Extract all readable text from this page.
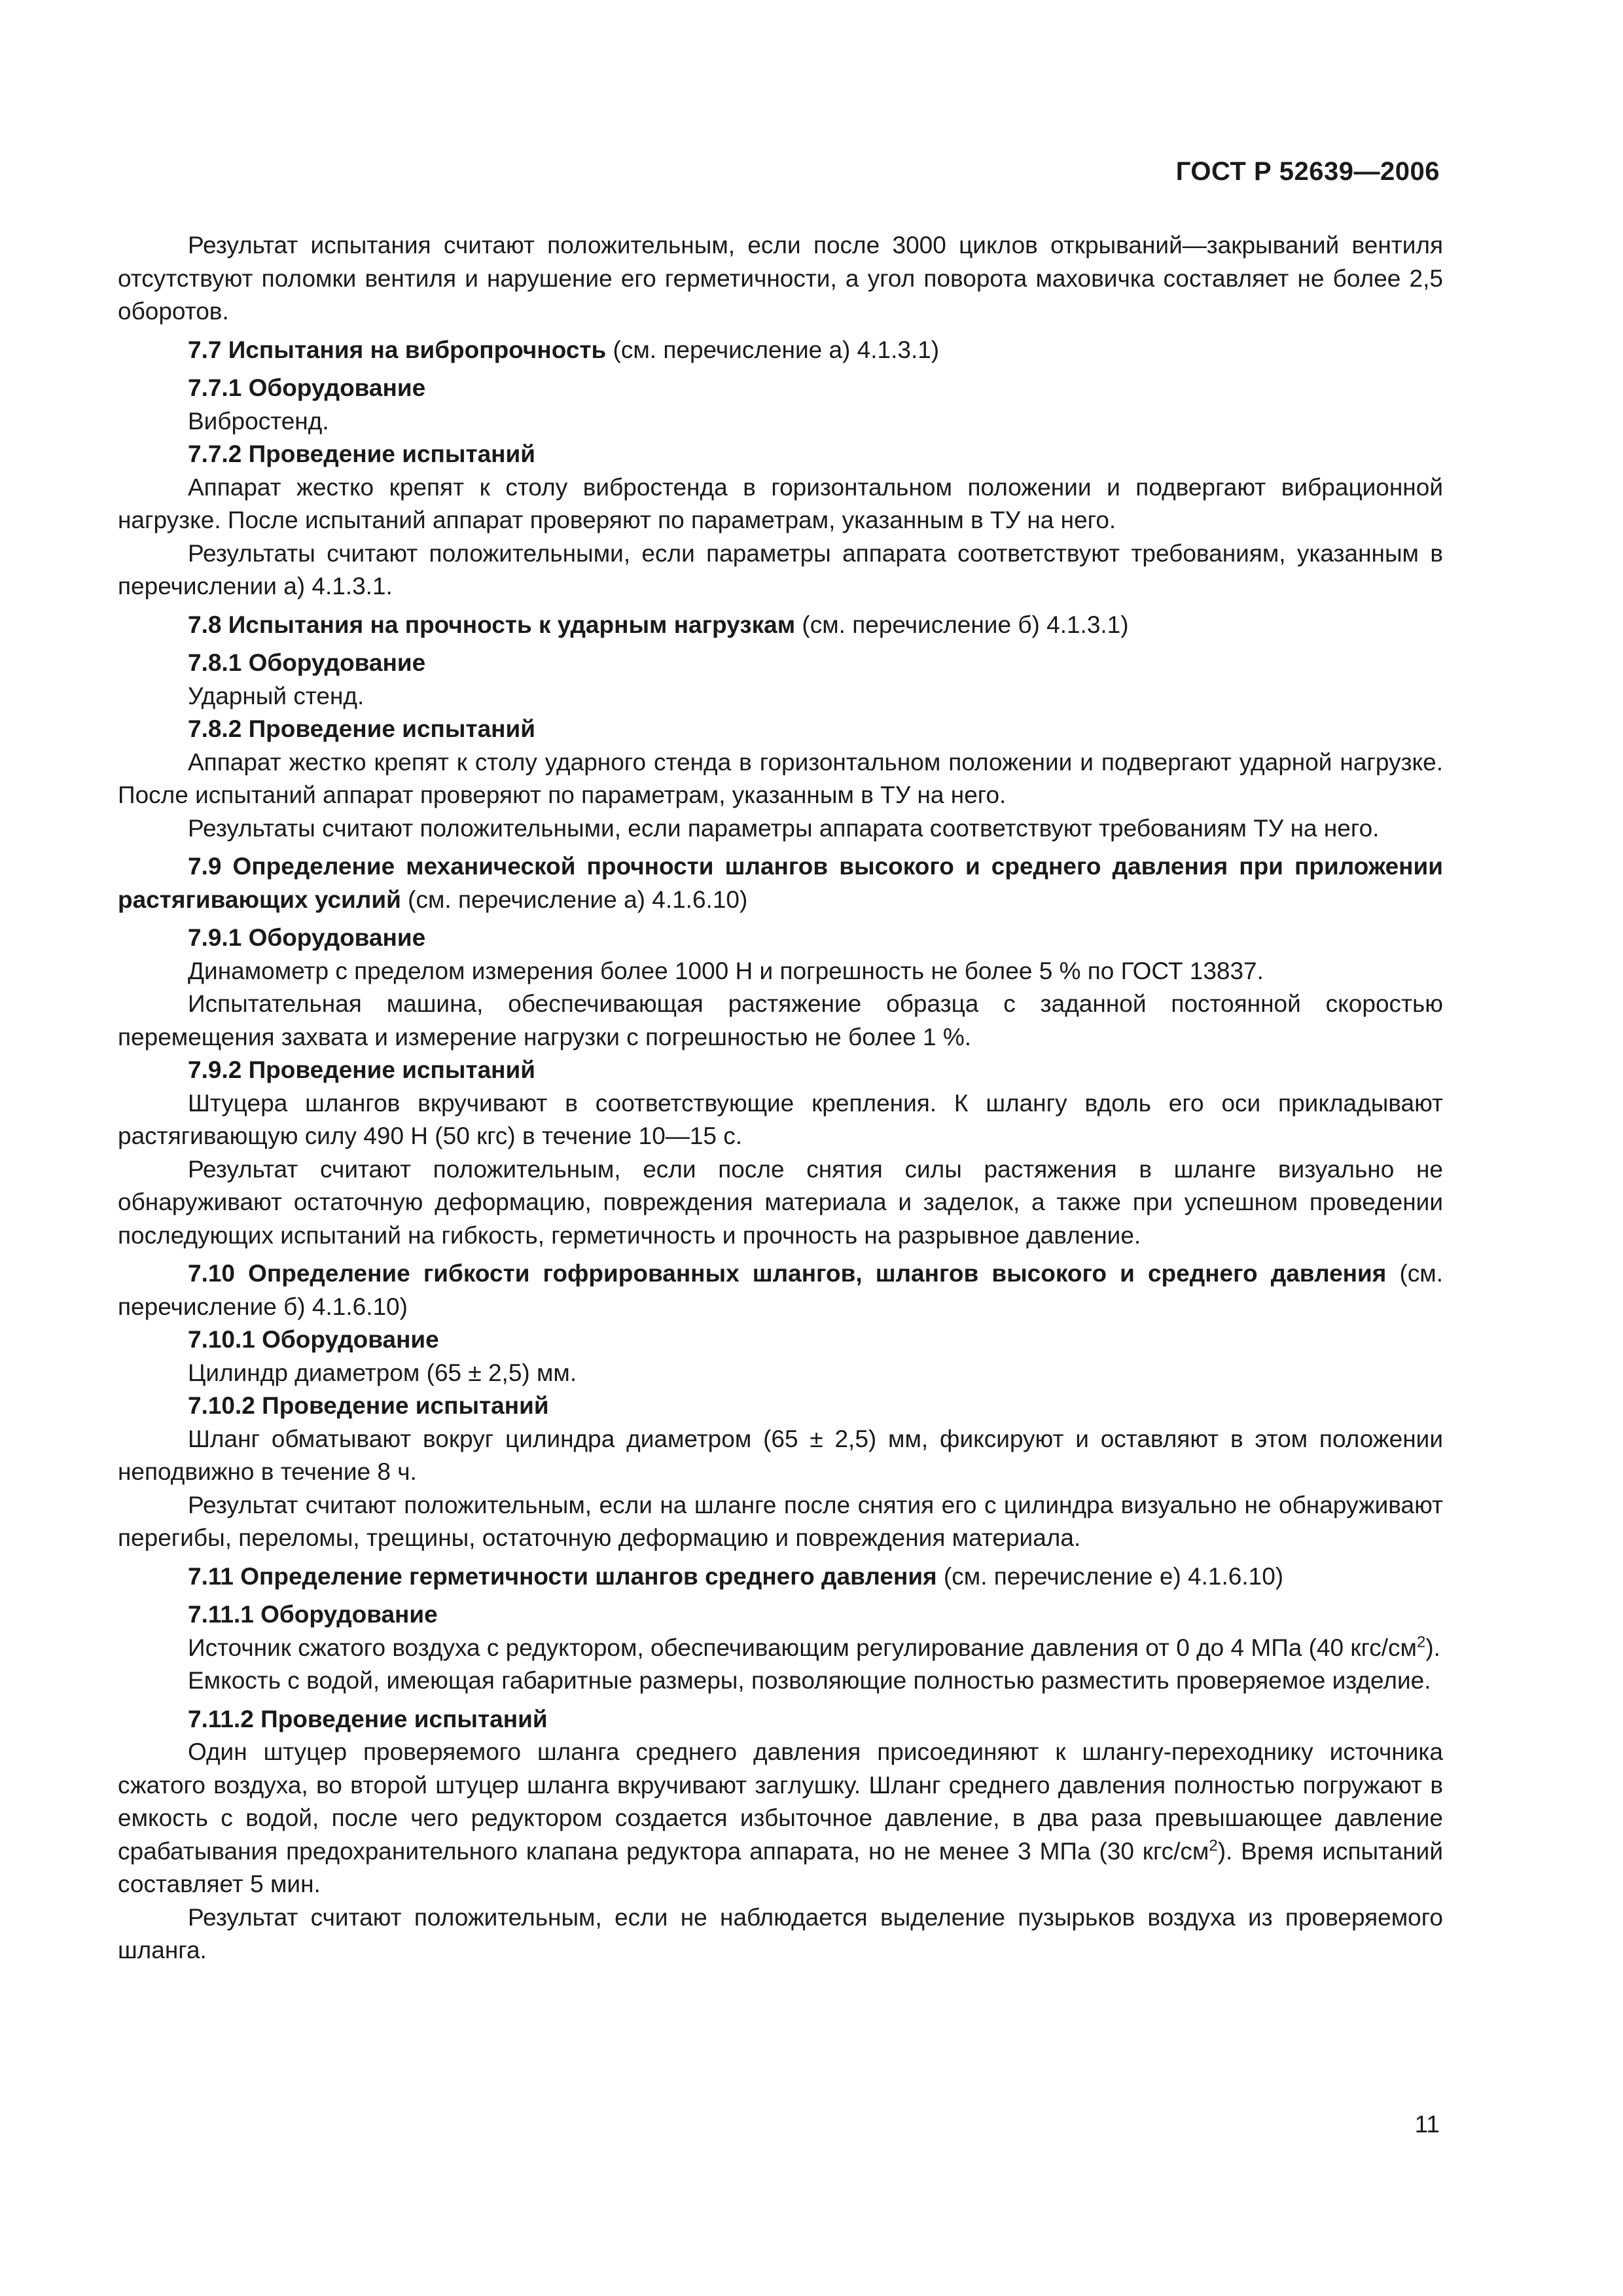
ГОСТ Р 52639—2006

Результат испытания считают положительным, если после 3000 циклов открываний—закрываний вентиля отсутствуют поломки вентиля и нарушение его герметичности, а угол поворота маховичка составляет не более 2,5 оборотов.

7.7 Испытания на вибропрочность (см. перечисление а) 4.1.3.1)

7.7.1 Оборудование

Вибростенд.

7.7.2 Проведение испытаний

Аппарат жестко крепят к столу вибростенда в горизонтальном положении и подвергают вибрационной нагрузке. После испытаний аппарат проверяют по параметрам, указанным в ТУ на него.

Результаты считают положительными, если параметры аппарата соответствуют требованиям, указанным в перечислении а) 4.1.3.1.

7.8 Испытания на прочность к ударным нагрузкам (см. перечисление б) 4.1.3.1)

7.8.1 Оборудование

Ударный стенд.

7.8.2 Проведение испытаний

Аппарат жестко крепят к столу ударного стенда в горизонтальном положении и подвергают ударной нагрузке. После испытаний аппарат проверяют по параметрам, указанным в ТУ на него.

Результаты считают положительными, если параметры аппарата соответствуют требованиям ТУ на него.

7.9 Определение механической прочности шлангов высокого и среднего давления при приложении растягивающих усилий (см. перечисление а) 4.1.6.10)

7.9.1 Оборудование

Динамометр с пределом измерения более 1000 Н и погрешность не более 5 % по ГОСТ 13837.

Испытательная машина, обеспечивающая растяжение образца с заданной постоянной скоростью перемещения захвата и измерение нагрузки с погрешностью не более 1 %.

7.9.2 Проведение испытаний

Штуцера шлангов вкручивают в соответствующие крепления. К шлангу вдоль его оси прикладывают растягивающую силу 490 Н (50 кгс) в течение 10—15 с.

Результат считают положительным, если после снятия силы растяжения в шланге визуально не обнаруживают остаточную деформацию, повреждения материала и заделок, а также при успешном проведении последующих испытаний на гибкость, герметичность и прочность на разрывное давление.

7.10 Определение гибкости гофрированных шлангов, шлангов высокого и среднего давления (см. перечисление б) 4.1.6.10)

7.10.1 Оборудование

Цилиндр диаметром (65 ± 2,5) мм.

7.10.2 Проведение испытаний

Шланг обматывают вокруг цилиндра диаметром (65 ± 2,5) мм, фиксируют и оставляют в этом положении неподвижно в течение 8 ч.

Результат считают положительным, если на шланге после снятия его с цилиндра визуально не обнаруживают перегибы, переломы, трещины, остаточную деформацию и повреждения материала.

7.11 Определение герметичности шлангов среднего давления (см. перечисление е) 4.1.6.10)

7.11.1 Оборудование

Источник сжатого воздуха с редуктором, обеспечивающим регулирование давления от 0 до 4 МПа (40 кгс/$см^2$).

Емкость с водой, имеющая габаритные размеры, позволяющие полностью разместить проверяемое изделие.

7.11.2 Проведение испытаний

Один штуцер проверяемого шланга среднего давления присоединяют к шлангу-переходнику источника сжатого воздуха, во второй штуцер шланга вкручивают заглушку. Шланг среднего давления полностью погружают в емкость с водой, после чего редуктором создается избыточное давление, в два раза превышающее давление срабатывания предохранительного клапана редуктора аппарата, но не менее 3 МПа (30 кгс/$см^2$). Время испытаний составляет 5 мин.

Результат считают положительным, если не наблюдается выделение пузырьков воздуха из проверяемого шланга.

11
